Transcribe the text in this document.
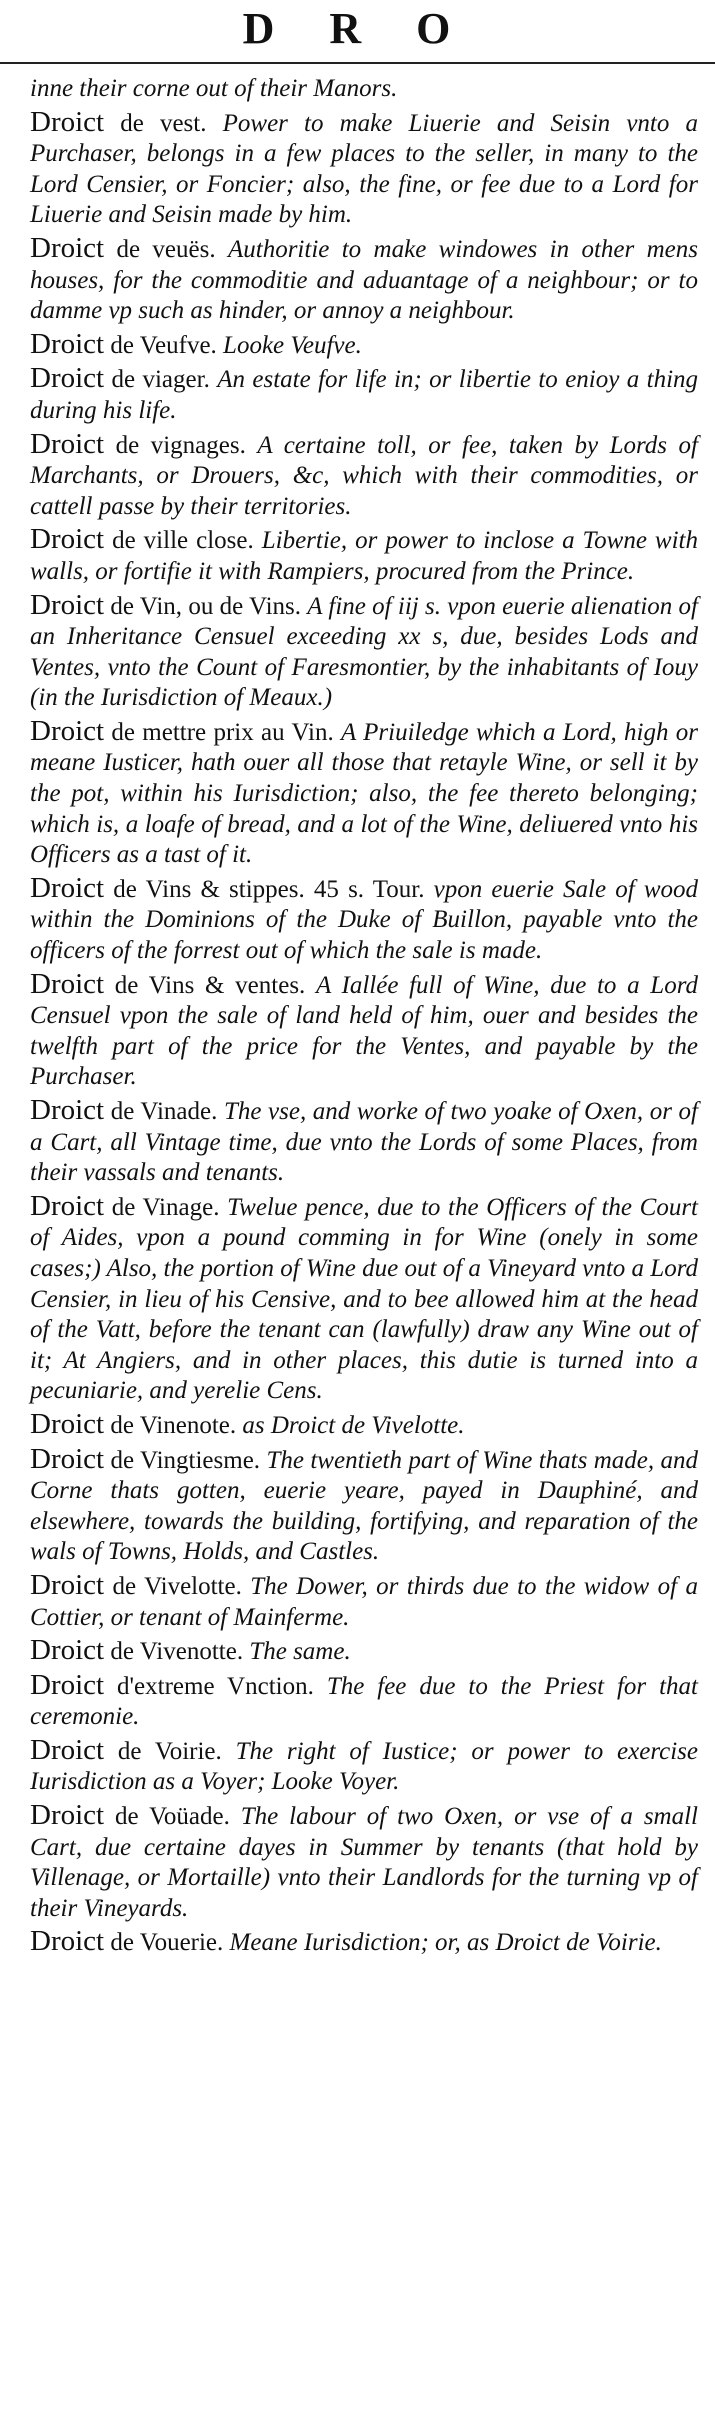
D R O
inne their corne out of their Manors.
Droict de vest. Power to make Liuerie and Seisin vnto a Purchaser, belongs in a few places to the seller, in many to the Lord Censier, or Foncier; also, the fine, or fee due to a Lord for Liuerie and Seisin made by him.
Droict de veuës. Authoritie to make windowes in other mens houses, for the commoditie and aduantage of a neighbour; or to damme vp such as hinder, or annoy a neighbour.
Droict de Veufve. Looke Veufve.
Droict de viager. An estate for life in; or libertie to enioy a thing during his life.
Droict de vignages. A certaine toll, or fee, taken by Lords of Marchants, or Drouers, &c, which with their commodities, or cattell passe by their territories.
Droict de ville close. Libertie, or power to inclose a Towne with walls, or fortifie it with Rampiers, procured from the Prince.
Droict de Vin, ou de Vins. A fine of iij s. vpon euerie alienation of an Inheritance Censuel exceeding xx s, due, besides Lods and Ventes, vnto the Count of Faresmontier, by the inhabitants of Iouy (in the Iurisdiction of Meaux.)
Droict de mettre prix au Vin. A Priuiledge which a Lord, high or meane Iusticer, hath ouer all those that retayle Wine, or sell it by the pot, within his Iurisdiction; also, the fee thereto belonging; which is, a loafe of bread, and a lot of the Wine, deliuered vnto his Officers as a tast of it.
Droict de Vins & stippes. 45 s. Tour. vpon euerie Sale of wood within the Dominions of the Duke of Buillon, payable vnto the officers of the forrest out of which the sale is made.
Droict de Vins & ventes. A Iallée full of Wine, due to a Lord Censuel vpon the sale of land held of him, ouer and besides the twelfth part of the price for the Ventes, and payable by the Purchaser.
Droict de Vinade. The vse, and worke of two yoake of Oxen, or of a Cart, all Vintage time, due vnto the Lords of some Places, from their vassals and tenants.
Droict de Vinage. Twelue pence, due to the Officers of the Court of Aides, vpon a pound comming in for Wine (onely in some cases;) Also, the portion of Wine due out of a Vineyard vnto a Lord Censier, in lieu of his Censive, and to bee allowed him at the head of the Vatt, before the tenant can (lawfully) draw any Wine out of it; At Angiers, and in other places, this dutie is turned into a pecuniarie, and yerelie Cens.
Droict de Vinenote. as Droict de Vivelotte.
Droict de Vingtiesme. The twentieth part of Wine thats made, and Corne thats gotten, euerie yeare, payed in Dauphiné, and elsewhere, towards the building, fortifying, and reparation of the wals of Towns, Holds, and Castles.
Droict de Vivelotte. The Dower, or thirds due to the widow of a Cottier, or tenant of Mainferme.
Droict de Vivenotte. The same.
Droict d'extreme Vnction. The fee due to the Priest for that ceremonie.
Droict de Voirie. The right of Iustice; or power to exercise Iurisdiction as a Voyer; Looke Voyer.
Droict de Voüade. The labour of two Oxen, or vse of a small Cart, due certaine dayes in Summer by tenants (that hold by Villenage, or Mortaille) vnto their Landlords for the turning vp of their Vineyards.
Droict de Vouerie. Meane Iurisdiction; or, as Droict de Voirie.
